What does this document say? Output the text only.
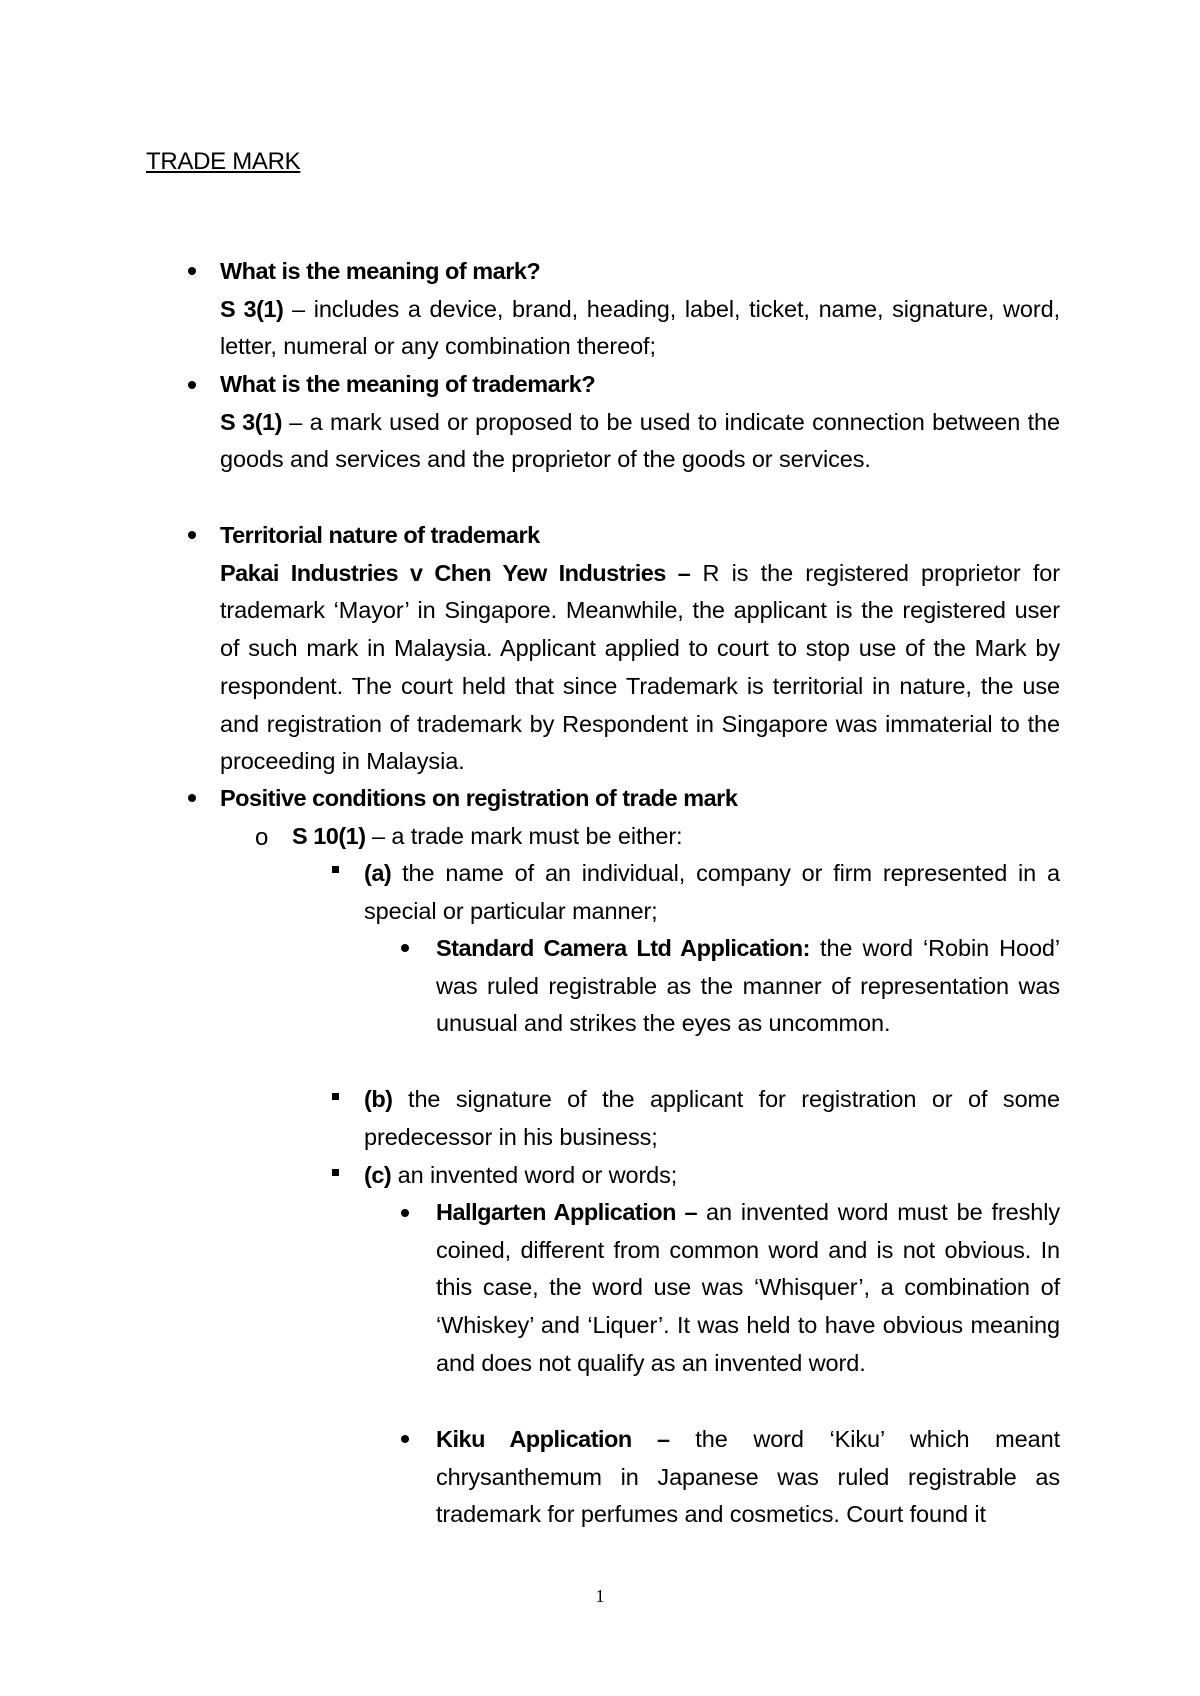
TRADE MARK

What is the meaning of mark?

S 3(1) – includes a device, brand, heading, label, ticket, name, signature, word, letter, numeral or any combination thereof;

What is the meaning of trademark?

S 3(1) – a mark used or proposed to be used to indicate connection between the goods and services and the proprietor of the goods or services.

Territorial nature of trademark

Pakai Industries v Chen Yew Industries – R is the registered proprietor for trademark ‘Mayor’ in Singapore. Meanwhile, the applicant is the registered user of such mark in Malaysia. Applicant applied to court to stop use of the Mark by respondent. The court held that since Trademark is territorial in nature, the use and registration of trademark by Respondent in Singapore was immaterial to the proceeding in Malaysia.

Positive conditions on registration of trade mark

o S 10(1) – a trade mark must be either:

(a) the name of an individual, company or firm represented in a special or particular manner;

Standard Camera Ltd Application: the word ‘Robin Hood’ was ruled registrable as the manner of representation was unusual and strikes the eyes as uncommon.

(b) the signature of the applicant for registration or of some predecessor in his business;

(c) an invented word or words;

Hallgarten Application – an invented word must be freshly coined, different from common word and is not obvious. In this case, the word use was ‘Whisquer’, a combination of ‘Whiskey’ and ‘Liquer’. It was held to have obvious meaning and does not qualify as an invented word.

Kiku Application – the word ‘Kiku’ which meant chrysanthemum in Japanese was ruled registrable as trademark for perfumes and cosmetics. Court found it

1
